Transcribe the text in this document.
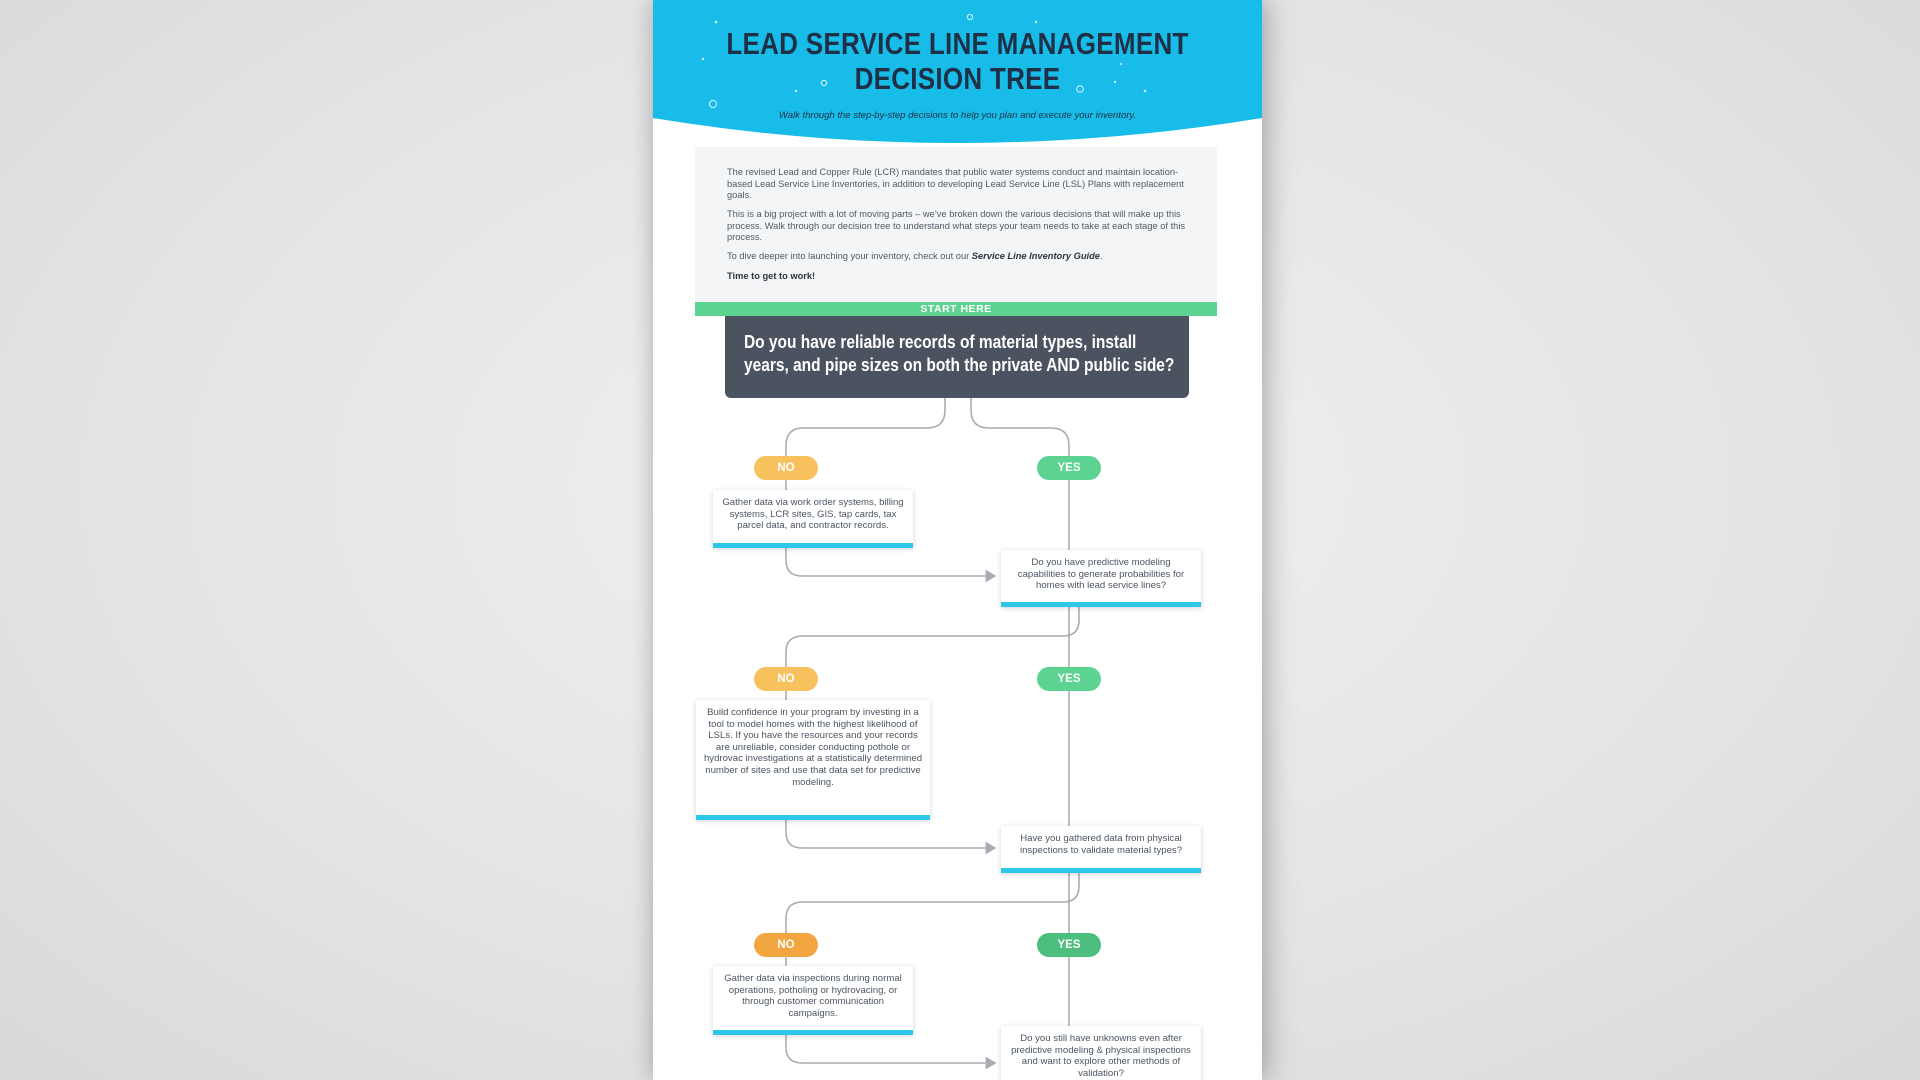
LEAD SERVICE LINE MANAGEMENT
DECISION TREE
Walk through the step-by-step decisions to help you plan and execute your inventory.

The revised Lead and Copper Rule (LCR) mandates that public water systems conduct and maintain location-based Lead Service Line Inventories, in addition to developing Lead Service Line (LSL) Plans with replacement goals.

This is a big project with a lot of moving parts – we’ve broken down the various decisions that will make up this process. Walk through our decision tree to understand what steps your team needs to take at each stage of this process.

To dive deeper into launching your inventory, check out our Service Line Inventory Guide.

Time to get to work!

START HERE
Do you have reliable records of material types, install years, and pipe sizes on both the private AND public side?
NO	YES
Gather data via work order systems, billing systems, LCR sites, GIS, tap cards, tax parcel data, and contractor records.
Do you have predictive modeling capabilities to generate probabilities for homes with lead service lines?
NO	YES
Build confidence in your program by investing in a tool to model homes with the highest likelihood of LSLs. If you have the resources and your records are unreliable, consider conducting pothole or hydrovac investigations at a statistically determined number of sites and use that data set for predictive modeling.
Have you gathered data from physical inspections to validate material types?
NO	YES
Gather data via inspections during normal operations, potholing or hydrovacing, or through customer communication campaigns.
Do you still have unknowns even after predictive modeling & physical inspections and want to explore other methods of validation?
